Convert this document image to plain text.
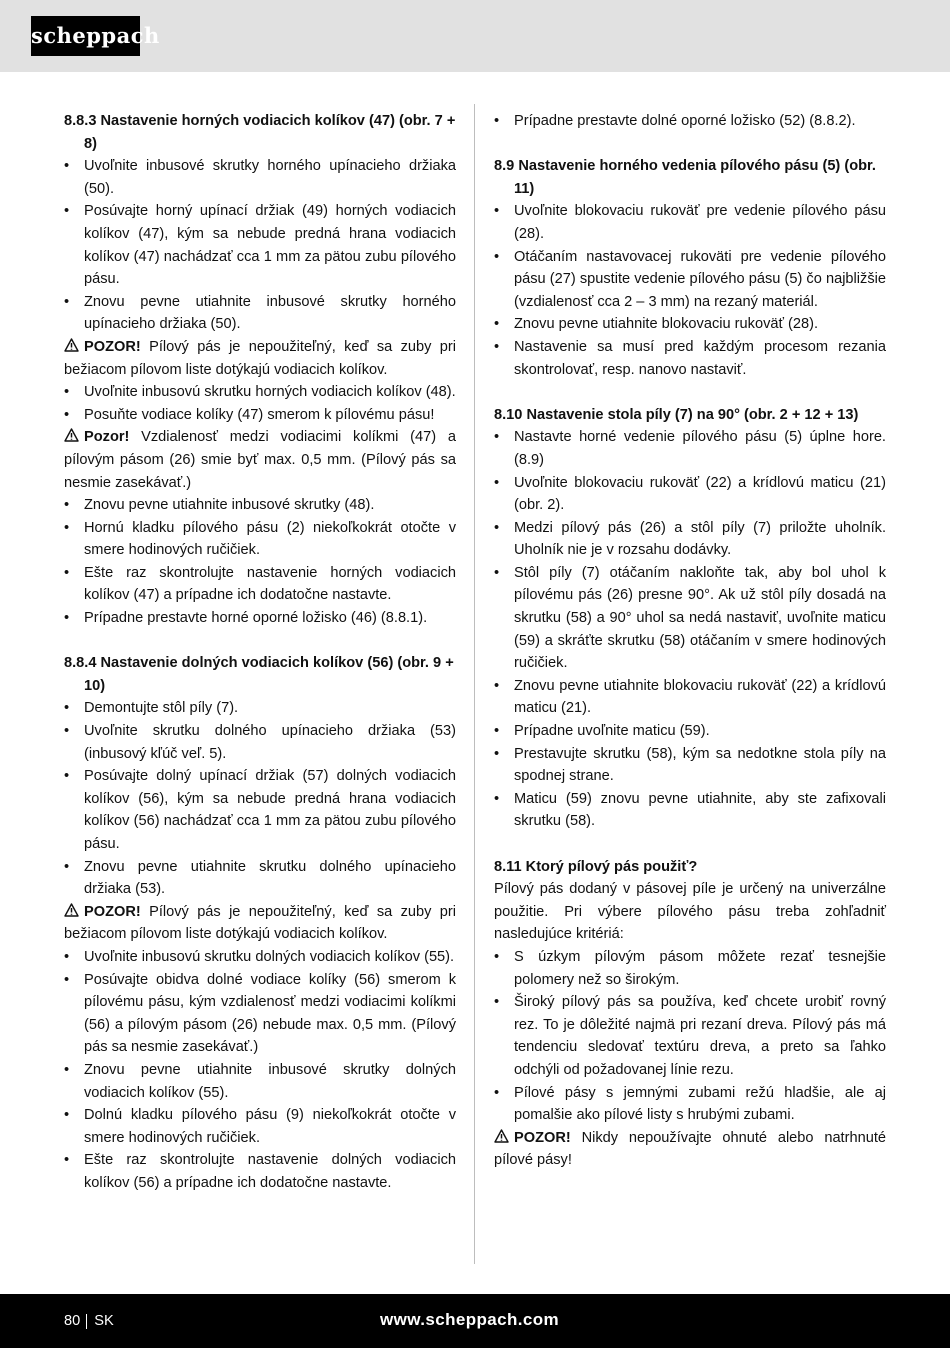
scheppach
8.8.3 Nastavenie horných vodiacich kolíkov (47) (obr. 7 + 8)
• Uvoľnite inbusové skrutky horného upínacieho držiaka (50).
• Posúvajte horný upínací držiak (49) horných vodiacich kolíkov (47), kým sa nebude predná hrana vodiacich kolíkov (47) nachádzať cca 1 mm za pätou zubu pílového pásu.
• Znovu pevne utiahnite inbusové skrutky horného upínacieho držiaka (50).

POZOR! Pílový pás je nepoužiteľný, keď sa zuby pri bežiacom pílovom liste dotýkajú vodiacich kolíkov.

• Uvoľnite inbusovú skrutku horných vodiacich kolíkov (48).
• Posuňte vodiace kolíky (47) smerom k pílovému pásu!

Pozor! Vzdialenosť medzi vodiacimi kolíkmi (47) a pílovým pásom (26) smie byť max. 0,5 mm. (Pílový pás sa nesmie zasekávať.)

• Znovu pevne utiahnite inbusové skrutky (48).
• Hornú kladku pílového pásu (2) niekoľkokrát otočte v smere hodinových ručičiek.
• Ešte raz skontrolujte nastavenie horných vodiacich kolíkov (47) a prípadne ich dodatočne nastavte.
• Prípadne prestavte horné oporné ložisko (46) (8.8.1).
8.8.4 Nastavenie dolných vodiacich kolíkov (56) (obr. 9 + 10)
• Demontujte stôl píly (7).
• Uvoľnite skrutku dolného upínacieho držiaka (53) (inbusový kľúč veľ. 5).
• Posúvajte dolný upínací držiak (57) dolných vodiacich kolíkov (56), kým sa nebude predná hrana vodiacich kolíkov (56) nachádzať cca 1 mm za pätou zubu pílového pásu.
• Znovu pevne utiahnite skrutku dolného upínacieho držiaka (53).

POZOR! Pílový pás je nepoužiteľný, keď sa zuby pri bežiacom pílovom liste dotýkajú vodiacich kolíkov.

• Uvoľnite inbusovú skrutku dolných vodiacich kolíkov (55).
• Posúvajte obidva dolné vodiace kolíky (56) smerom k pílovému pásu, kým vzdialenosť medzi vodiacimi kolíkmi (56) a pílovým pásom (26) nebude max. 0,5 mm. (Pílový pás sa nesmie zasekávať.)
• Znovu pevne utiahnite inbusové skrutky dolných vodiacich kolíkov (55).
• Dolnú kladku pílového pásu (9) niekoľkokrát otočte v smere hodinových ručičiek.
• Ešte raz skontrolujte nastavenie dolných vodiacich kolíkov (56) a prípadne ich dodatočne nastavte.
• Prípadne prestavte dolné oporné ložisko (52) (8.8.2).
8.9 Nastavenie horného vedenia pílového pásu (5) (obr. 11)
• Uvoľnite blokovaciu rukoväť pre vedenie pílového pásu (28).
• Otáčaním nastavovacej rukoväti pre vedenie pílového pásu (27) spustite vedenie pílového pásu (5) čo najbližšie (vzdialenosť cca 2 – 3 mm) na rezaný materiál.
• Znovu pevne utiahnite blokovaciu rukoväť (28).
• Nastavenie sa musí pred každým procesom rezania skontrolovať, resp. nanovo nastaviť.
8.10 Nastavenie stola píly (7) na 90° (obr. 2 + 12 + 13)
• Nastavte horné vedenie pílového pásu (5) úplne hore. (8.9)
• Uvoľnite blokovaciu rukoväť (22) a krídlovú maticu (21) (obr. 2).
• Medzi pílový pás (26) a stôl píly (7) priložte uholník. Uholník nie je v rozsahu dodávky.
• Stôl píly (7) otáčaním nakloňte tak, aby bol uhol k pílovému pás (26) presne 90°. Ak už stôl píly dosadá na skrutku (58) a 90° uhol sa nedá nastaviť, uvoľnite maticu (59) a skráťte skrutku (58) otáčaním v smere hodinových ručičiek.
• Znovu pevne utiahnite blokovaciu rukoväť (22) a krídlovú maticu (21).
• Prípadne uvoľnite maticu (59).
• Prestavujte skrutku (58), kým sa nedotkne stola píly na spodnej strane.
• Maticu (59) znovu pevne utiahnite, aby ste zafixovali skrutku (58).
8.11 Ktorý pílový pás použiť?

Pílový pás dodaný v pásovej píle je určený na univerzálne použitie. Pri výbere pílového pásu treba zohľadniť nasledujúce kritériá:

• S úzkym pílovým pásom môžete rezať tesnejšie polomery než so širokým.
• Široký pílový pás sa používa, keď chcete urobiť rovný rez. To je dôležité najmä pri rezaní dreva. Pílový pás má tendenciu sledovať textúru dreva, a preto sa ľahko odchýli od požadovanej línie rezu.
• Pílové pásy s jemnými zubami režú hladšie, ale aj pomalšie ako pílové listy s hrubými zubami.

POZOR! Nikdy nepoužívajte ohnuté alebo natrhnuté pílové pásy!

80 SK	www.scheppach.com
